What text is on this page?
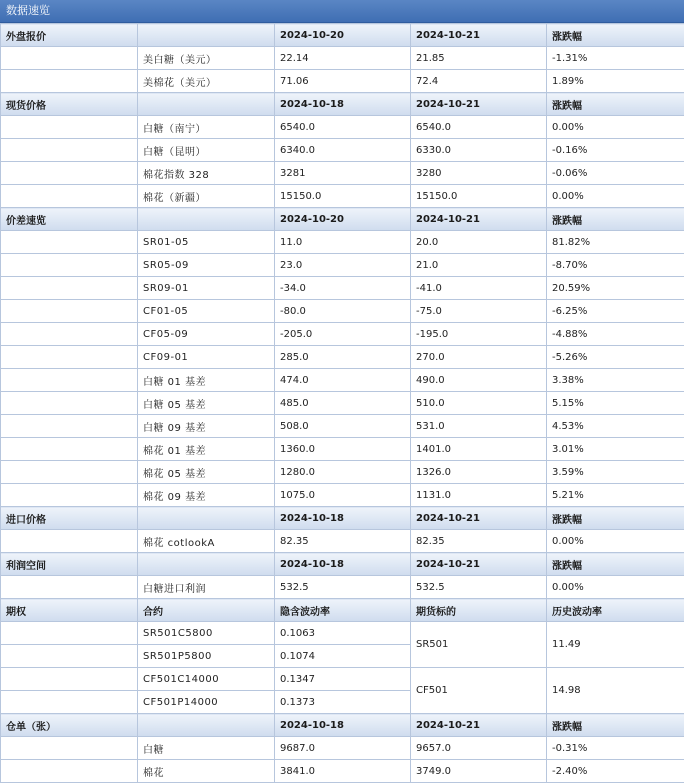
数据速览
外盘报价		2024-10-20	2024-10-21	涨跌幅
	美白糖（美元）	22.14	21.85	-1.31%
	美棉花（美元）	71.06	72.4	1.89%
现货价格		2024-10-18	2024-10-21	涨跌幅
	白糖（南宁）	6540.0	6540.0	0.00%
	白糖（昆明）	6340.0	6330.0	-0.16%
	棉花指数 328	3281	3280	-0.06%
	棉花（新疆）	15150.0	15150.0	0.00%
价差速览		2024-10-20	2024-10-21	涨跌幅
	SR01-05	11.0	20.0	81.82%
	SR05-09	23.0	21.0	-8.70%
	SR09-01	-34.0	-41.0	20.59%
	CF01-05	-80.0	-75.0	-6.25%
	CF05-09	-205.0	-195.0	-4.88%
	CF09-01	285.0	270.0	-5.26%
	白糖 01 基差	474.0	490.0	3.38%
	白糖 05 基差	485.0	510.0	5.15%
	白糖 09 基差	508.0	531.0	4.53%
	棉花 01 基差	1360.0	1401.0	3.01%
	棉花 05 基差	1280.0	1326.0	3.59%
	棉花 09 基差	1075.0	1131.0	5.21%
进口价格		2024-10-18	2024-10-21	涨跌幅
	棉花 cotlookA	82.35	82.35	0.00%
利润空间		2024-10-18	2024-10-21	涨跌幅
	白糖进口利润	532.5	532.5	0.00%
期权	合约	隐含波动率	期货标的	历史波动率
	SR501C5800	0.1063	SR501	11.49
	SR501P5800	0.1074		
	CF501C14000	0.1347	CF501	14.98
	CF501P14000	0.1373		
仓单（张）		2024-10-18	2024-10-21	涨跌幅
	白糖	9687.0	9657.0	-0.31%
	棉花	3841.0	3749.0	-2.40%
